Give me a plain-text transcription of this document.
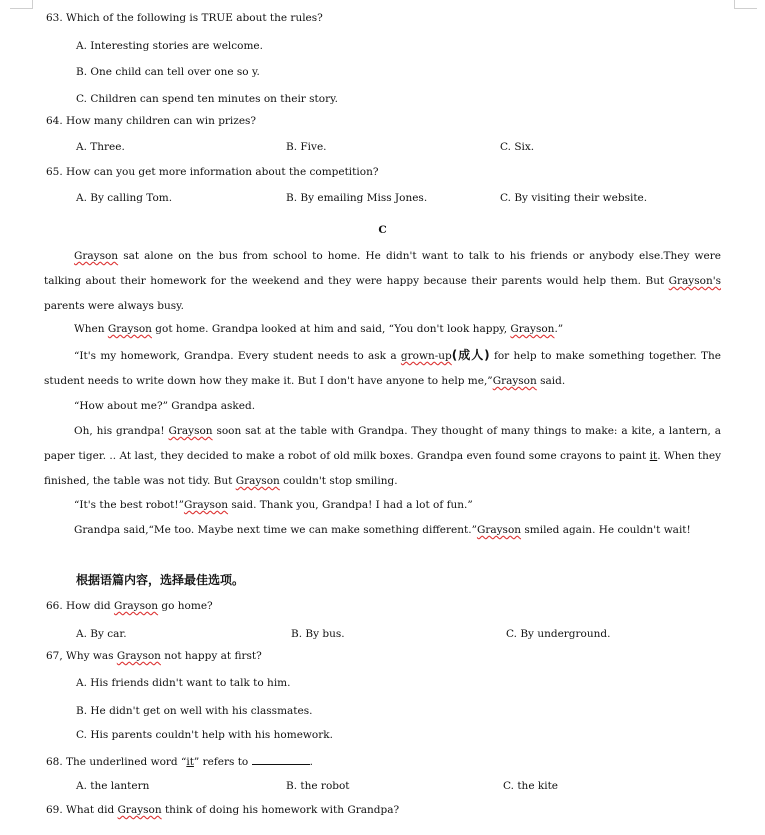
63. Which of the following is TRUE about the rules?
A. Interesting stories are welcome.
B. One child can tell over one so y.
C. Children can spend ten minutes on their story.
64. How many children can win prizes?
A. Three.	B. Five.	C. Six.
65. How can you get more information about the competition?
A. By calling Tom.	B. By emailing Miss Jones.	C. By visiting their website.
C
Grayson sat alone on the bus from school to home. He didn't want to talk to his friends or anybody else.They were talking about their homework for the weekend and they were happy because their parents would help them. But Grayson's parents were always busy.
When Grayson got home. Grandpa looked at him and said, “You don't look happy, Grayson.”
“It's my homework, Grandpa. Every student needs to ask a grown-up(成人) for help to make something together. The student needs to write down how they make it. But I don't have anyone to help me,”Grayson said.
“How about me?” Grandpa asked.
Oh, his grandpa! Grayson soon sat at the table with Grandpa. They thought of many things to make: a kite, a lantern, a paper tiger. .. At last, they decided to make a robot of old milk boxes. Grandpa even found some crayons to paint it. When they finished, the table was not tidy. But Grayson couldn't stop smiling.
“It's the best robot!”Grayson said. Thank you, Grandpa! I had a lot of fun.”
Grandpa said,“Me too. Maybe next time we can make something different.”Grayson smiled again. He couldn't wait!
根据语篇内容，选择最佳选项。
66. How did Grayson go home?
A. By car.	B. By bus.	C. By underground.
67, Why was Grayson not happy at first?
A. His friends didn't want to talk to him.
B. He didn't get on well with his classmates.
C. His parents couldn't help with his homework.
68. The underlined word “it” refers to	.
A. the lantern	B. the robot	C. the kite
69. What did Grayson think of doing his homework with Grandpa?
